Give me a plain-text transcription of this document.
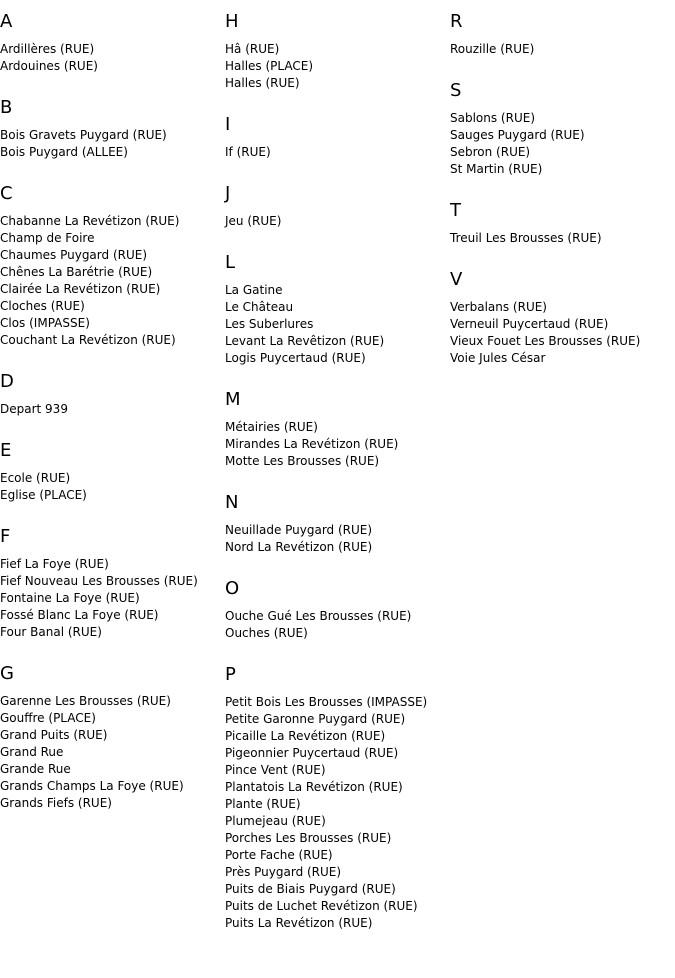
A
Ardillères (RUE)
Ardouines (RUE)
B
Bois Gravets Puygard (RUE)
Bois Puygard (ALLEE)
C
Chabanne La Revétizon (RUE)
Champ de Foire
Chaumes Puygard (RUE)
Chênes La Barétrie (RUE)
Clairée La Revétizon (RUE)
Cloches (RUE)
Clos (IMPASSE)
Couchant La Revétizon (RUE)
D
Depart 939
E
Ecole (RUE)
Eglise (PLACE)
F
Fief La Foye (RUE)
Fief Nouveau Les Brousses (RUE)
Fontaine La Foye (RUE)
Fossé Blanc La Foye (RUE)
Four Banal (RUE)
G
Garenne Les Brousses (RUE)
Gouffre (PLACE)
Grand Puits (RUE)
Grand Rue
Grande Rue
Grands Champs La Foye (RUE)
Grands Fiefs (RUE)
H
Hâ (RUE)
Halles (PLACE)
Halles (RUE)
I
If (RUE)
J
Jeu (RUE)
L
La Gatine
Le Château
Les Suberlures
Levant La Revêtizon (RUE)
Logis Puycertaud (RUE)
M
Métairies (RUE)
Mirandes La Revétizon (RUE)
Motte Les Brousses (RUE)
N
Neuillade Puygard (RUE)
Nord La Revétizon (RUE)
O
Ouche Gué Les Brousses (RUE)
Ouches (RUE)
P
Petit Bois Les Brousses (IMPASSE)
Petite Garonne Puygard (RUE)
Picaille La Revétizon (RUE)
Pigeonnier Puycertaud (RUE)
Pince Vent (RUE)
Plantatois La Revétizon (RUE)
Plante (RUE)
Plumejeau (RUE)
Porches Les Brousses (RUE)
Porte Fache (RUE)
Près Puygard (RUE)
Puits de Biais Puygard (RUE)
Puits de Luchet Revétizon (RUE)
Puits La Revétizon (RUE)
R
Rouzille (RUE)
S
Sablons (RUE)
Sauges Puygard (RUE)
Sebron (RUE)
St Martin (RUE)
T
Treuil Les Brousses (RUE)
V
Verbalans (RUE)
Verneuil Puycertaud (RUE)
Vieux Fouet Les Brousses (RUE)
Voie Jules César
